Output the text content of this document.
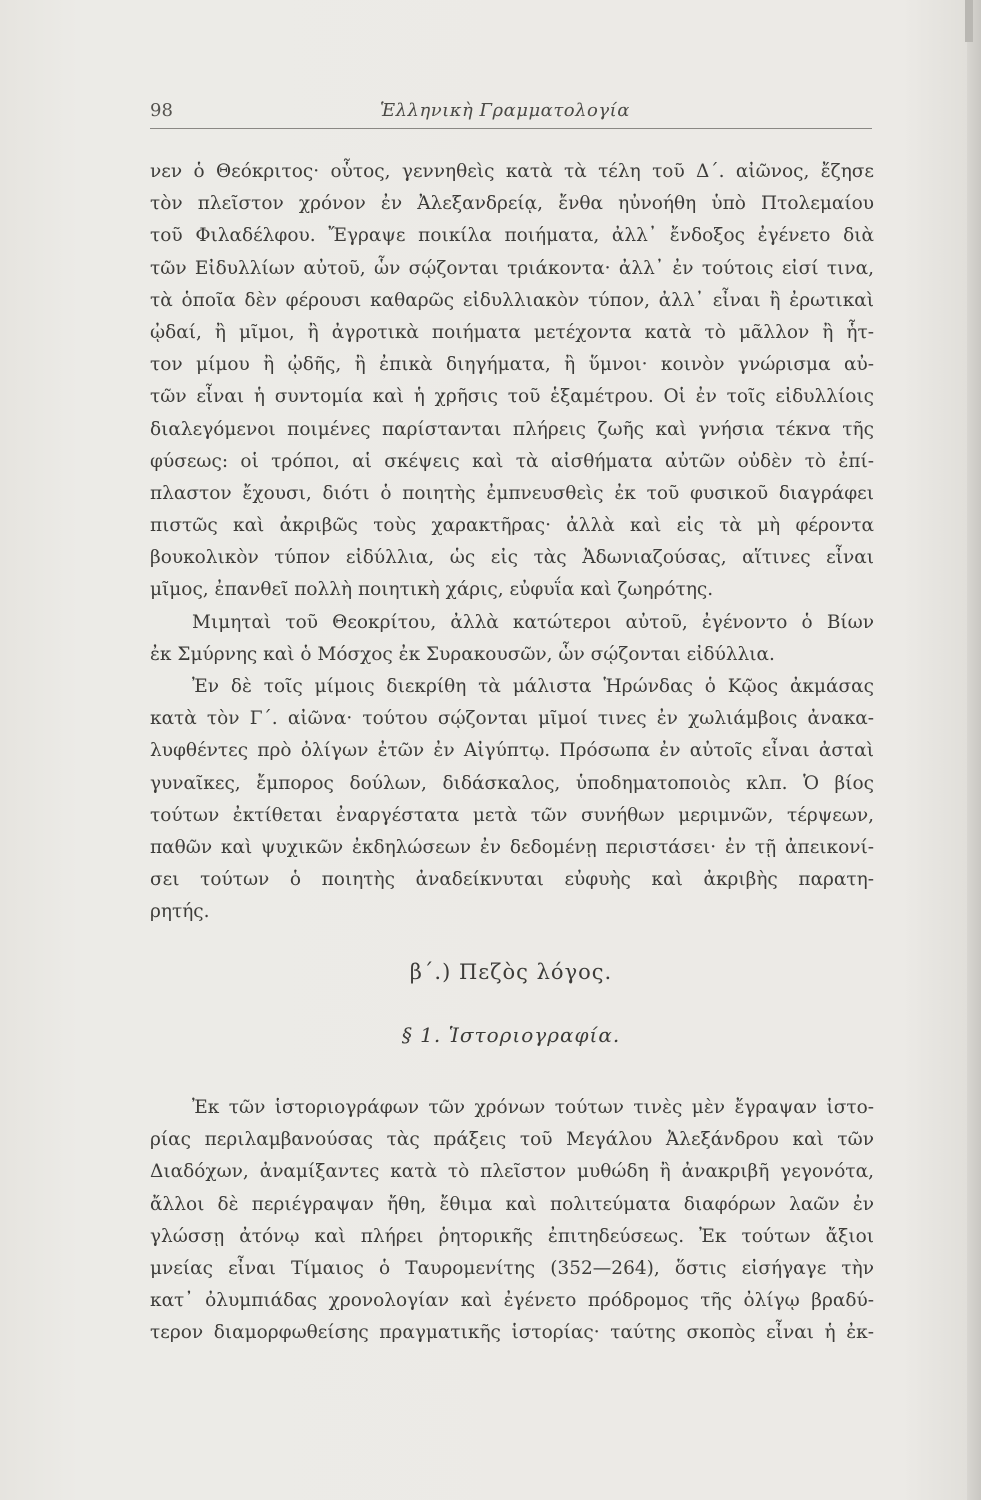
98	Ἑλληνικὴ Γραμματολογία
νεν ὁ Θεόκριτος· οὗτος, γεννηθεὶς κατὰ τὰ τέλη τοῦ Δ΄. αἰῶνος, ἔζησε
τὸν πλεῖστον χρόνον ἐν Ἀλεξανδρείᾳ, ἔνθα ηὐνοήθη ὑπὸ Πτολεμαίου
τοῦ Φιλαδέλφου. Ἔγραψε ποικίλα ποιήματα, ἀλλ᾿ ἔνδοξος ἐγένετο διὰ
τῶν Εἰδυλλίων αὐτοῦ, ὧν σῴζονται τριάκοντα· ἀλλ᾿ ἐν τούτοις εἰσί τινα,
τὰ ὁποῖα δὲν φέρουσι καθαρῶς εἰδυλλιακὸν τύπον, ἀλλ᾿ εἶναι ἢ ἐρωτικαὶ
ᾠδαί, ἢ μῖμοι, ἢ ἀγροτικὰ ποιήματα μετέχοντα κατὰ τὸ μᾶλλον ἢ ἧτ-
τον μίμου ἢ ᾠδῆς, ἢ ἐπικὰ διηγήματα, ἢ ὕμνοι· κοινὸν γνώρισμα αὐ-
τῶν εἶναι ἡ συντομία καὶ ἡ χρῆσις τοῦ ἑξαμέτρου. Οἱ ἐν τοῖς εἰδυλλίοις
διαλεγόμενοι ποιμένες παρίστανται πλήρεις ζωῆς καὶ γνήσια τέκνα τῆς
φύσεως: οἱ τρόποι, αἱ σκέψεις καὶ τὰ αἰσθήματα αὐτῶν οὐδὲν τὸ ἐπί-
πλαστον ἔχουσι, διότι ὁ ποιητὴς ἐμπνευσθεὶς ἐκ τοῦ φυσικοῦ διαγράφει
πιστῶς καὶ ἀκριβῶς τοὺς χαρακτῆρας· ἀλλὰ καὶ εἰς τὰ μὴ φέροντα
βουκολικὸν τύπον εἰδύλλια, ὡς εἰς τὰς Ἀδωνιαζούσας, αἵτινες εἶναι
μῖμος, ἐπανθεῖ πολλὴ ποιητικὴ χάρις, εὐφυΐα καὶ ζωηρότης.
Μιμηταὶ τοῦ Θεοκρίτου, ἀλλὰ κατώτεροι αὐτοῦ, ἐγένοντο ὁ Βίων
ἐκ Σμύρνης καὶ ὁ Μόσχος ἐκ Συρακουσῶν, ὧν σῴζονται εἰδύλλια.
Ἐν δὲ τοῖς μίμοις διεκρίθη τὰ μάλιστα Ἡρώνδας ὁ Κῷος ἀκμάσας
κατὰ τὸν Γ΄. αἰῶνα· τούτου σῴζονται μῖμοί τινες ἐν χωλιάμβοις ἀνακα-
λυφθέντες πρὸ ὀλίγων ἐτῶν ἐν Αἰγύπτῳ. Πρόσωπα ἐν αὐτοῖς εἶναι ἀσταὶ
γυναῖκες, ἔμπορος δούλων, διδάσκαλος, ὑποδηματοποιὸς κλπ. Ὁ βίος
τούτων ἐκτίθεται ἐναργέστατα μετὰ τῶν συνήθων μεριμνῶν, τέρψεων,
παθῶν καὶ ψυχικῶν ἐκδηλώσεων ἐν δεδομένῃ περιστάσει· ἐν τῇ ἀπεικονί-
σει τούτων ὁ ποιητὴς ἀναδείκνυται εὐφυὴς καὶ ἀκριβὴς παρατη-
ρητής.
β΄.) Πεζὸς λόγος.
§ 1. Ἱστοριογραφία.
Ἐκ τῶν ἱστοριογράφων τῶν χρόνων τούτων τινὲς μὲν ἔγραψαν ἱστο-
ρίας περιλαμβανούσας τὰς πράξεις τοῦ Μεγάλου Ἀλεξάνδρου καὶ τῶν
Διαδόχων, ἀναμίξαντες κατὰ τὸ πλεῖστον μυθώδη ἢ ἀνακριβῆ γεγονότα,
ἄλλοι δὲ περιέγραψαν ἤθη, ἔθιμα καὶ πολιτεύματα διαφόρων λαῶν ἐν
γλώσσῃ ἀτόνῳ καὶ πλήρει ῥητορικῆς ἐπιτηδεύσεως. Ἐκ τούτων ἄξιοι
μνείας εἶναι Τίμαιος ὁ Ταυρομενίτης (352—264), ὅστις εἰσήγαγε τὴν
κατ᾿ ὀλυμπιάδας χρονολογίαν καὶ ἐγένετο πρόδρομος τῆς ὀλίγῳ βραδύ-
τερον διαμορφωθείσης πραγματικῆς ἱστορίας· ταύτης σκοπὸς εἶναι ἡ ἐκ-
